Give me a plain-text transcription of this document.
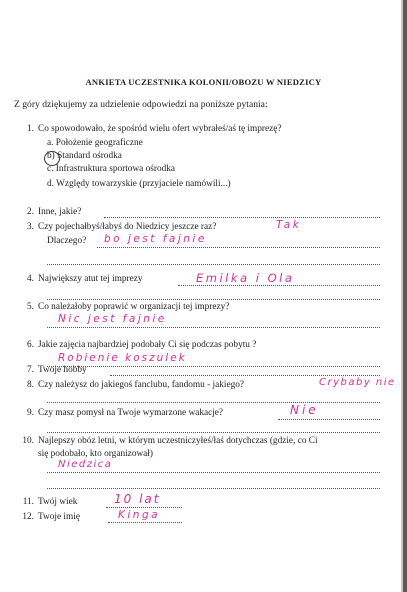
ANKIETA UCZESTNIKA KOLONII/OBOZU W NIEDZICY
Z góry dziękujemy za udzielenie odpowiedzi na poniższe pytania:
1. Co spowodowało, że spośród wielu ofert wybrałeś/aś tę imprezę?
a. Położenie geograficzne
b) Standard ośrodka
c. Infrastruktura sportowa ośrodka
d. Względy towarzyskie (przyjaciele namówili...)
2. Inne, jakie?
3. Czy pojechałbyś/łabyś do Niedzicy jeszcze raz?	Tak
Dlaczego? bo jest fajnie
4. Największy atut tej imprezy	Emilka i Ola
5. Co należałoby poprawić w organizacji tej imprezy?
Nic jest fajnie
6. Jakie zajęcia najbardziej podobały Ci się podczas pobytu ?
Robienie koszulek
7. Twoje hobby
8. Czy należysz do jakiegoś fanclubu, fandomu - jakiego?	Crybaby nie
9. Czy masz pomysł na Twoje wymarzone wakacje?	Nie
10. Najlepszy obóz letni, w którym uczestniczyłeś/łaś dotychczas (gdzie, co Ci
się podobało, kto organizował)
Niedzica
11. Twój wiek	10 lat
12. Twoje imię	Kinga
